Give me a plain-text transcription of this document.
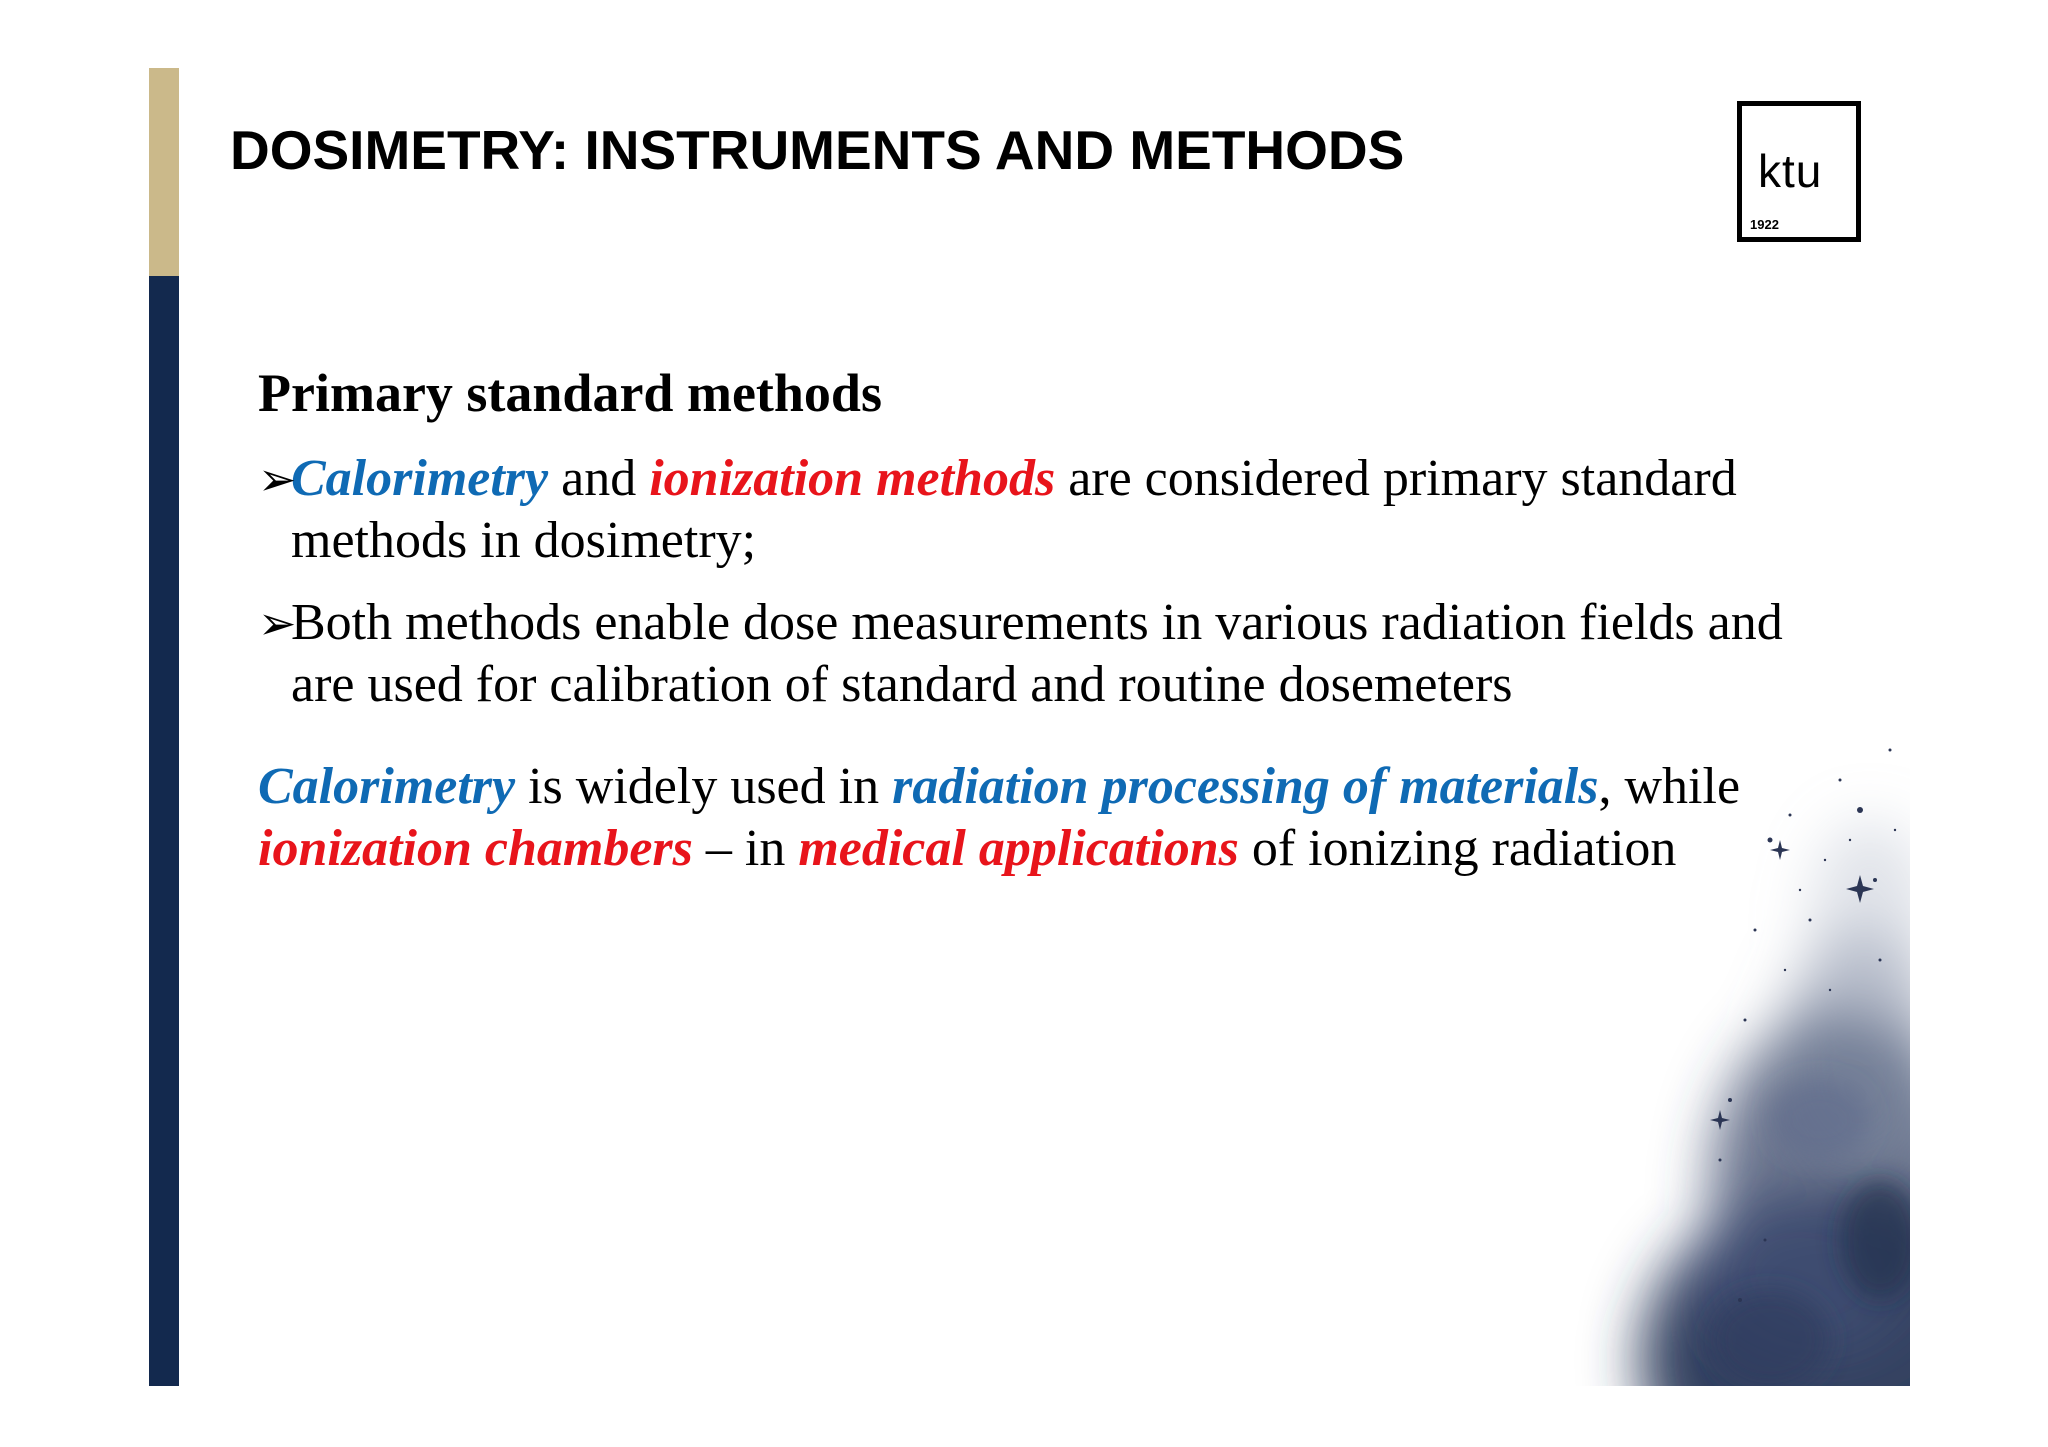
DOSIMETRY: INSTRUMENTS AND METHODS	ktu
1922
Primary standard methods
➢
Calorimetry and ionization methods are considered primary standard methods in dosimetry;
➢
Both methods enable dose measurements in various radiation fields and are used for calibration of standard and routine dosemeters
Calorimetry is widely used in radiation processing of materials, while ionization chambers – in medical applications of ionizing radiation
